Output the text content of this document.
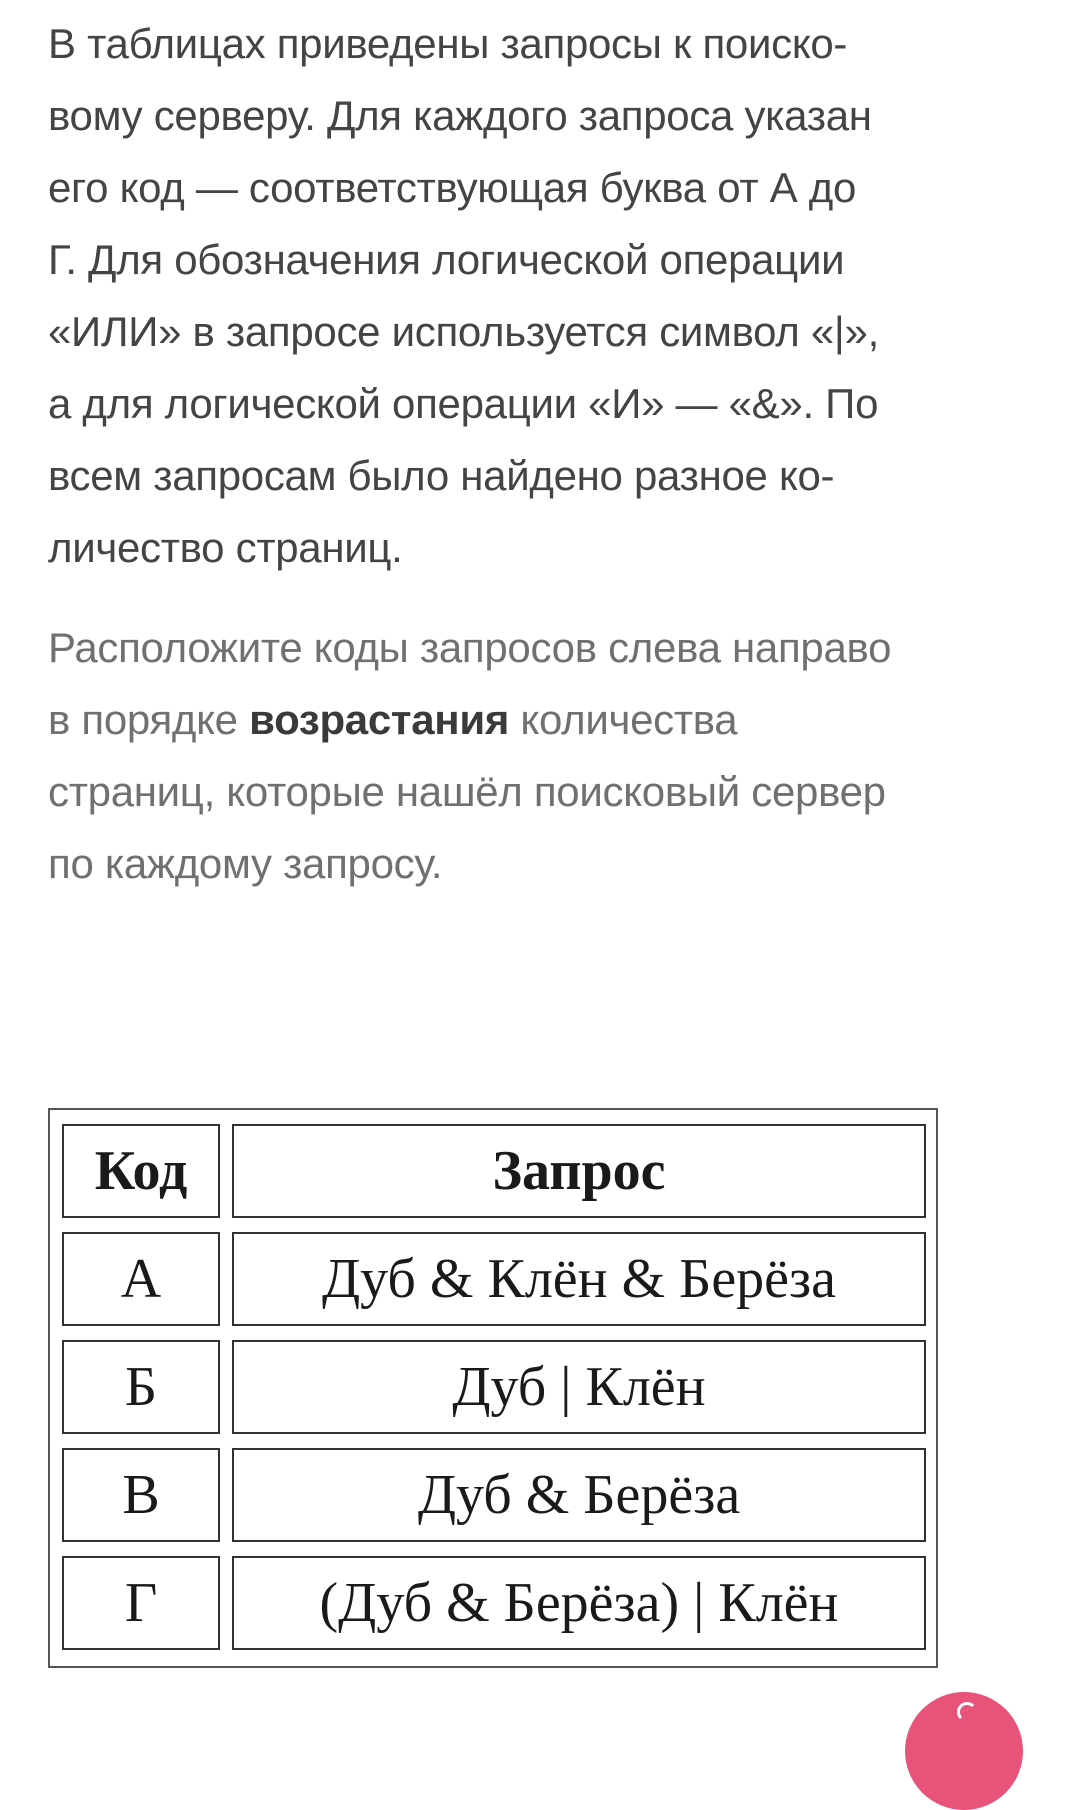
В таблицах приведены запросы к поиско-
вому серверу. Для каждого запроса указан
его код — соответствующая буква от А до
Г. Для обозначения логической операции
«ИЛИ» в запросе используется символ «|»,
а для логической операции «И» — «&». По
всем запросам было найдено разное ко-
личество страниц.
Расположите коды запросов слева направо
в порядке возрастания количества
страниц, которые нашёл поисковый сервер
по каждому запросу.
Код	Запрос
А	Дуб & Клён & Берёза
Б	Дуб | Клён
В	Дуб & Берёза
Г	(Дуб & Берёза) | Клён
